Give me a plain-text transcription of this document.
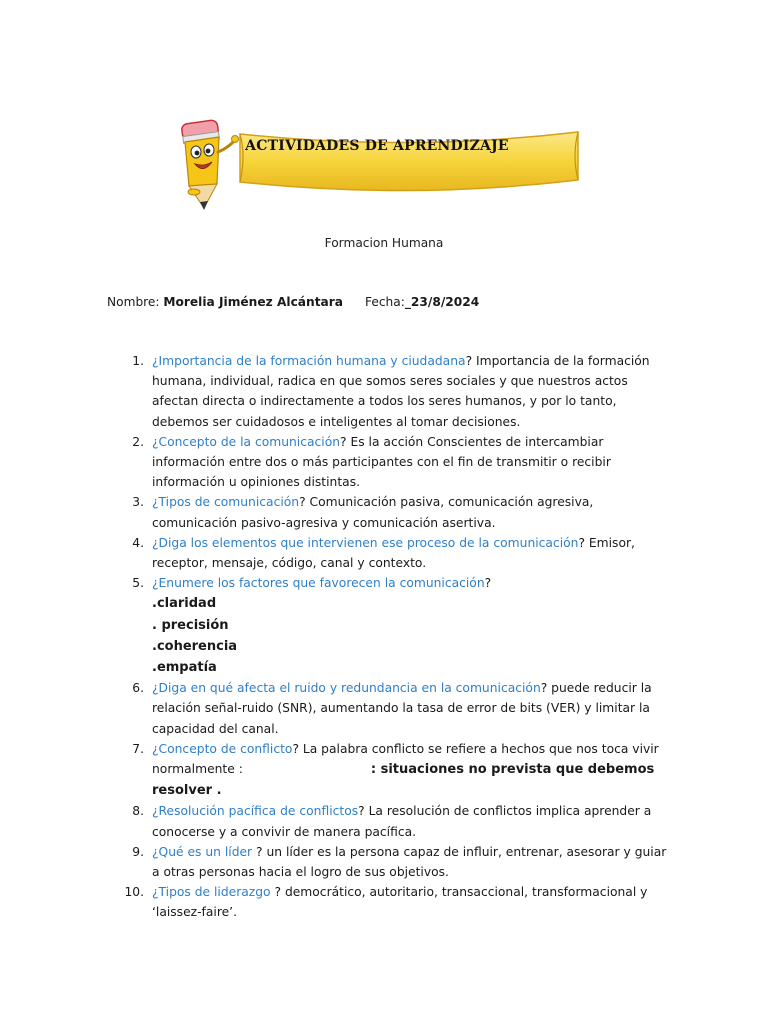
ACTIVIDADES DE APRENDIZAJE
Formacion Humana
Nombre: Morelia Jiménez Alcántara Fecha:_23/8/2024
1. ¿Importancia de la formación humana y ciudadana? Importancia de la formación humana, individual, radica en que somos seres sociales y que nuestros actos afectan directa o indirectamente a todos los seres humanos, y por lo tanto, debemos ser cuidadosos e inteligentes al tomar decisiones.
2. ¿Concepto de la comunicación? Es la acción Conscientes de intercambiar información entre dos o más participantes con el fin de transmitir o recibir información u opiniones distintas.
3. ¿Tipos de comunicación? Comunicación pasiva, comunicación agresiva, comunicación pasivo-agresiva y comunicación asertiva.
4. ¿Diga los elementos que intervienen ese proceso de la comunicación? Emisor, receptor, mensaje, código, canal y contexto.
5. ¿Enumere los factores que favorecen la comunicación?
.claridad
. precisión
.coherencia
.empatía
6. ¿Diga en qué afecta el ruido y redundancia en la comunicación? puede reducir la relación señal-ruido (SNR), aumentando la tasa de error de bits (VER) y limitar la capacidad del canal.
7. ¿Concepto de conflicto? La palabra conflicto se refiere a hechos que nos toca vivir normalmente :	: situaciones no prevista que debemos resolver .
8. ¿Resolución pacífica de conflictos? La resolución de conflictos implica aprender a conocerse y a convivir de manera pacífica.
9. ¿Qué es un líder ? un líder es la persona capaz de influir, entrenar, asesorar y guiar a otras personas hacia el logro de sus objetivos.
10. ¿Tipos de liderazgo ? democrático, autoritario, transaccional, transformacional y ‘laissez-faire’.
